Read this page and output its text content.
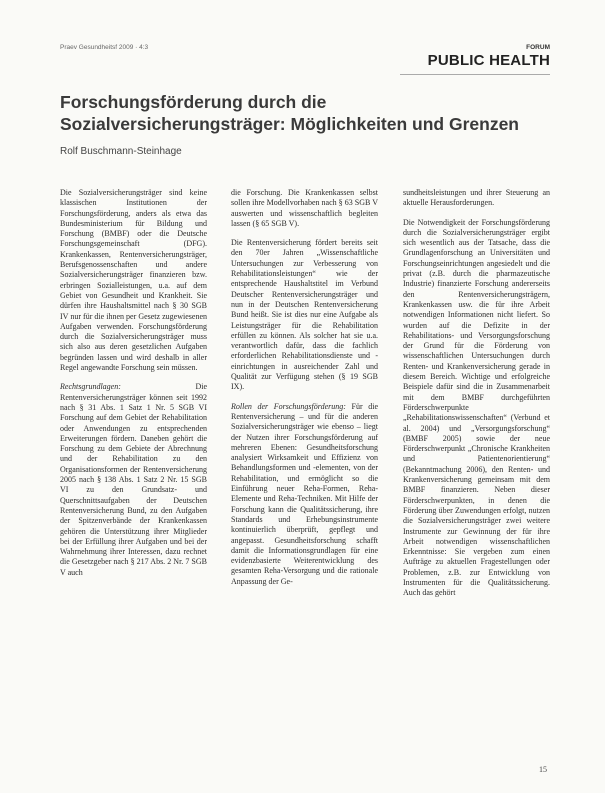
Praev Gesundheitsf 2009 · 4:3	FORUM
PUBLIC HEALTH
Forschungsförderung durch die Sozialversicherungsträger: Möglichkeiten und Grenzen
Rolf Buschmann-Steinhage

Die Sozialversicherungsträger sind keine klassischen Institutionen der Forschungsförderung, anders als etwa das Bundesministerium für Bildung und Forschung (BMBF) oder die Deutsche Forschungsgemeinschaft (DFG). Krankenkassen, Rentenversicherungsträger, Berufsgenossenschaften und andere Sozialversicherungsträger finanzieren bzw. erbringen Sozialleistungen, u.a. auf dem Gebiet von Gesundheit und Krankheit. Sie dürfen ihre Haushaltsmittel nach § 30 SGB IV nur für die ihnen per Gesetz zugewiesenen Aufgaben verwenden. Forschungsförderung durch die Sozialversicherungsträger muss sich also aus deren gesetzlichen Aufgaben begründen lassen und wird deshalb in aller Regel angewandte Forschung sein müssen.

Rechtsgrundlagen: Die Rentenversicherungsträger können seit 1992 nach § 31 Abs. 1 Satz 1 Nr. 5 SGB VI Forschung auf dem Gebiet der Rehabilitation oder Anwendungen zu entsprechenden Erweiterungen fördern. Daneben gehört die Forschung zu dem Gebiete der Abrechnung und der Rehabilitation zu den Organisationsformen der Rentenversicherung 2005 nach § 138 Abs. 1 Satz 2 Nr. 15 SGB VI zu den Grundsatz- und Querschnittsaufgaben der Deutschen Rentenversicherung Bund, zu den Aufgaben der Spitzenverbände der Krankenkassen gehören die Unterstützung ihrer Mitglieder bei der Erfüllung ihrer Aufgaben und bei der Wahrnehmung ihrer Interessen, dazu rechnet die Gesetzgeber nach § 217 Abs. 2 Nr. 7 SGB V auch

die Forschung. Die Krankenkassen selbst sollen ihre Modellvorhaben nach § 63 SGB V auswerten und wissenschaftlich begleiten lassen (§ 65 SGB V).

Die Rentenversicherung fördert bereits seit den 70er Jahren „Wissenschaftliche Untersuchungen zur Verbesserung von Rehabilitationsleistungen“ wie der entsprechende Haushaltstitel im Verbund Deutscher Rentenversicherungsträger und nun in der Deutschen Rentenversicherung Bund heißt. Sie ist dies nur eine Aufgabe als Leistungsträger für die Rehabilitation erfüllen zu können. Als solcher hat sie u.a. verantwortlich dafür, dass die fachlich erforderlichen Rehabilitationsdienste und -einrichtungen in ausreichender Zahl und Qualität zur Verfügung stehen (§ 19 SGB IX).

Rollen der Forschungsförderung: Für die Rentenversicherung – und für die anderen Sozialversicherungsträger wie ebenso – liegt der Nutzen ihrer Forschungsförderung auf mehreren Ebenen: Gesundheitsforschung analysiert Wirksamkeit und Effizienz von Behandlungsformen und -elementen, von der Rehabilitation, und ermöglicht so die Einführung neuer Reha-Formen, Reha-Elemente und Reha-Techniken. Mit Hilfe der Forschung kann die Qualitätssicherung, ihre Standards und Erhebungsinstrumente kontinuierlich überprüft, gepflegt und angepasst. Gesundheitsforschung schafft damit die Informationsgrundlagen für eine evidenzbasierte Weiterentwicklung des gesamten Reha-Versorgung und die rationale Anpassung der Ge-

sundheitsleistungen und ihrer Steuerung an aktuelle Herausforderungen.

Die Notwendigkeit der Forschungsförderung durch die Sozialversicherungsträger ergibt sich wesentlich aus der Tatsache, dass die Grundlagenforschung an Universitäten und Forschungseinrichtungen angesiedelt und die privat (z.B. durch die pharmazeutische Industrie) finanzierte Forschung andererseits den Rentenversicherungsträgern, Krankenkassen usw. die für ihre Arbeit notwendigen Informationen nicht liefert. So wurden auf die Defizite in der Rehabilitations- und Versorgungsforschung der Grund für die Förderung von wissenschaftlichen Untersuchungen durch Renten- und Krankenversicherung gerade in diesem Bereich. Wichtige und erfolgreiche Beispiele dafür sind die in Zusammenarbeit mit dem BMBF durchgeführten Förderschwerpunkte „Rehabilitationswissenschaften“ (Verbund et al. 2004) und „Versorgungsforschung“ (BMBF 2005) sowie der neue Förderschwerpunkt „Chronische Krankheiten und Patientenorientierung“ (Bekanntmachung 2006), den Renten- und Krankenversicherung gemeinsam mit dem BMBF finanzieren. Neben dieser Förderschwerpunkten, in denen die Förderung über Zuwendungen erfolgt, nutzen die Sozialversicherungsträger zwei weitere Instrumente zur Gewinnung der für ihre Arbeit notwendigen wissenschaftlichen Erkenntnisse: Sie vergeben zum einen Aufträge zu aktuellen Fragestellungen oder Problemen, z.B. zur Entwicklung von Instrumenten für die Qualitätssicherung. Auch das gehört

15
